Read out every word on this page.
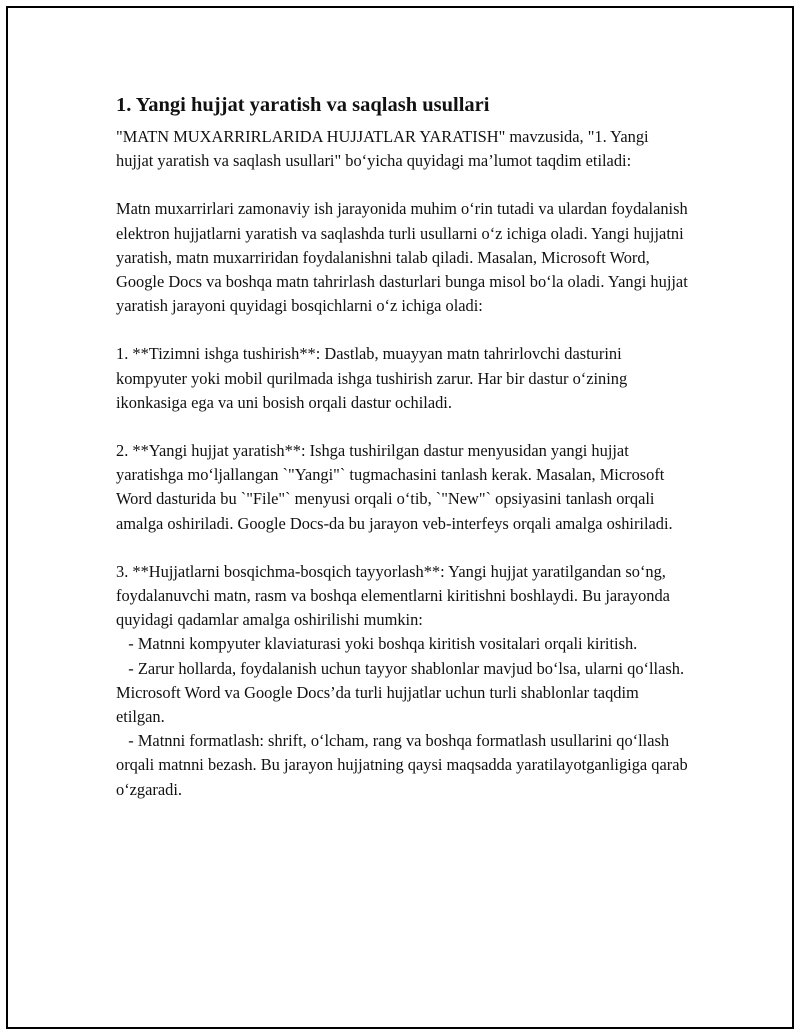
1. Yangi hujjat yaratish va saqlash usullari

"MATN MUXARRIRLARIDA HUJJATLAR YARATISH" mavzusida, "1. Yangi hujjat yaratish va saqlash usullari" bo‘yicha quyidagi ma’lumot taqdim etiladi:

Matn muxarrirlari zamonaviy ish jarayonida muhim o‘rin tutadi va ulardan foydalanish elektron hujjatlarni yaratish va saqlashda turli usullarni o‘z ichiga oladi. Yangi hujjatni yaratish, matn muxarriridan foydalanishni talab qiladi. Masalan, Microsoft Word, Google Docs va boshqa matn tahrirlash dasturlari bunga misol bo‘la oladi. Yangi hujjat yaratish jarayoni quyidagi bosqichlarni o‘z ichiga oladi:

1. **Tizimni ishga tushirish**: Dastlab, muayyan matn tahrirlovchi dasturini kompyuter yoki mobil qurilmada ishga tushirish zarur. Har bir dastur o‘zining ikonkasiga ega va uni bosish orqali dastur ochiladi.

2. **Yangi hujjat yaratish**: Ishga tushirilgan dastur menyusidan yangi hujjat yaratishga mo‘ljallangan `"Yangi"` tugmachasini tanlash kerak. Masalan, Microsoft Word dasturida bu `"File"` menyusi orqali o‘tib, `"New"` opsiyasini tanlash orqali amalga oshiriladi. Google Docs-da bu jarayon veb-interfeys orqali amalga oshiriladi.

3. **Hujjatlarni bosqichma-bosqich tayyorlash**: Yangi hujjat yaratilgandan so‘ng, foydalanuvchi matn, rasm va boshqa elementlarni kiritishni boshlaydi. Bu jarayonda quyidagi qadamlar amalga oshirilishi mumkin:

- Matnni kompyuter klaviaturasi yoki boshqa kiritish vositalari orqali kiritish.

- Zarur hollarda, foydalanish uchun tayyor shablonlar mavjud bo‘lsa, ularni qo‘llash. Microsoft Word va Google Docs’da turli hujjatlar uchun turli shablonlar taqdim etilgan.

- Matnni formatlash: shrift, o‘lcham, rang va boshqa formatlash usullarini qo‘llash orqali matnni bezash. Bu jarayon hujjatning qaysi maqsadda yaratilayotganligiga qarab o‘zgaradi.
